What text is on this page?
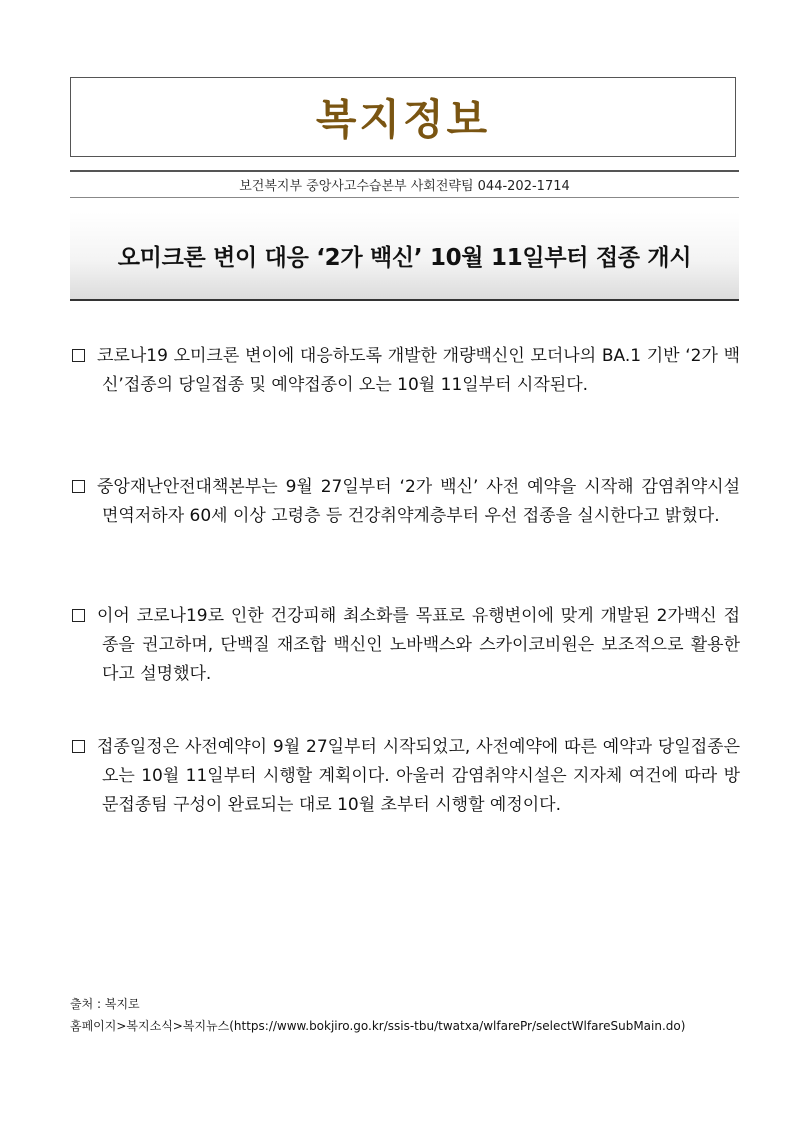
복지정보
보건복지부 중앙사고수습본부 사회전략팀 044-202-1714
오미크론 변이 대응 ‘2가 백신’ 10월 11일부터 접종 개시
코로나19 오미크론 변이에 대응하도록 개발한 개량백신인 모더나의 BA.1 기반 ‘2가 백신’접종의 당일접종 및 예약접종이 오는 10월 11일부터 시작된다.
중앙재난안전대책본부는 9월 27일부터 ‘2가 백신’ 사전 예약을 시작해 감염취약시설 면역저하자 60세 이상 고령층 등 건강취약계층부터 우선 접종을 실시한다고 밝혔다.
이어 코로나19로 인한 건강피해 최소화를 목표로 유행변이에 맞게 개발된 2가백신 접종을 권고하며, 단백질 재조합 백신인 노바백스와 스카이코비원은 보조적으로 활용한다고 설명했다.
접종일정은 사전예약이 9월 27일부터 시작되었고, 사전예약에 따른 예약과 당일접종은 오는 10월 11일부터 시행할 계획이다. 아울러 감염취약시설은 지자체 여건에 따라 방문접종팀 구성이 완료되는 대로 10월 초부터 시행할 예정이다.
출처 : 복지로
홈페이지>복지소식>복지뉴스(https://www.bokjiro.go.kr/ssis-tbu/twatxa/wlfarePr/selectWlfareSubMain.do)
